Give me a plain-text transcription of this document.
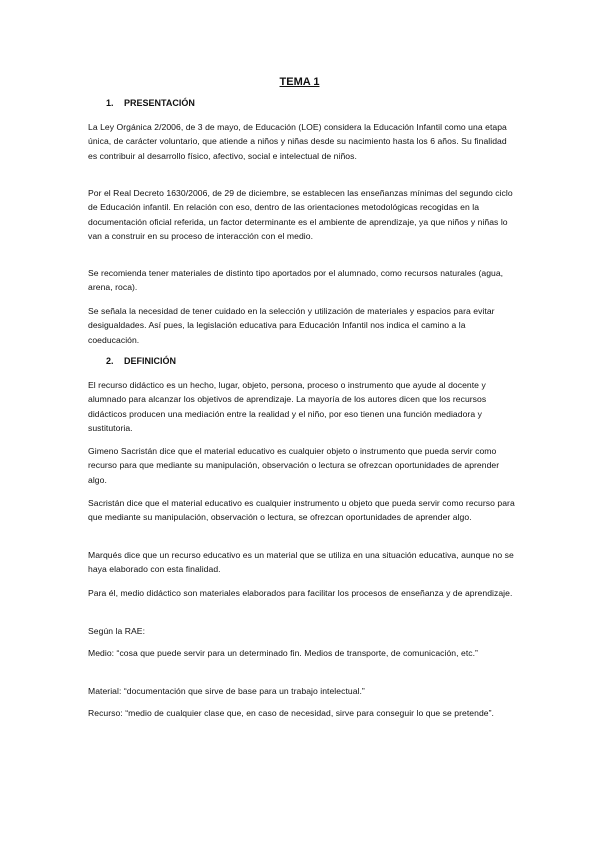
TEMA 1
1. PRESENTACIÓN

La Ley Orgánica 2/2006, de 3 de mayo, de Educación (LOE) considera la Educación Infantil como una etapa única, de carácter voluntario, que atiende a niños y niñas desde su nacimiento hasta los 6 años. Su finalidad es contribuir al desarrollo físico, afectivo, social e intelectual de niños.

Por el Real Decreto 1630/2006, de 29 de diciembre, se establecen las enseñanzas mínimas del segundo ciclo de Educación infantil. En relación con eso, dentro de las orientaciones metodológicas recogidas en la documentación oficial referida, un factor determinante es el ambiente de aprendizaje, ya que niños y niñas lo van a construir en su proceso de interacción con el medio.

Se recomienda tener materiales de distinto tipo aportados por el alumnado, como recursos naturales (agua, arena, roca).

Se señala la necesidad de tener cuidado en la selección y utilización de materiales y espacios para evitar desigualdades. Así pues, la legislación educativa para Educación Infantil nos indica el camino a la coeducación.

2. DEFINICIÓN

El recurso didáctico es un hecho, lugar, objeto, persona, proceso o instrumento que ayude al docente y alumnado para alcanzar los objetivos de aprendizaje. La mayoría de los autores dicen que los recursos didácticos producen una mediación entre la realidad y el niño, por eso tienen una función mediadora y sustitutoria.

Gimeno Sacristán dice que el material educativo es cualquier objeto o instrumento que pueda servir como recurso para que mediante su manipulación, observación o lectura se ofrezcan oportunidades de aprender algo.

Sacristán dice que el material educativo es cualquier instrumento u objeto que pueda servir como recurso para que mediante su manipulación, observación o lectura, se ofrezcan oportunidades de aprender algo.

Marqués dice que un recurso educativo es un material que se utiliza en una situación educativa, aunque no se haya elaborado con esta finalidad.

Para él, medio didáctico son materiales elaborados para facilitar los procesos de enseñanza y de aprendizaje.

Según la RAE:

Medio: “cosa que puede servir para un determinado fin. Medios de transporte, de comunicación, etc.”

Material: “documentación que sirve de base para un trabajo intelectual.”

Recurso: “medio de cualquier clase que, en caso de necesidad, sirve para conseguir lo que se pretende”.
